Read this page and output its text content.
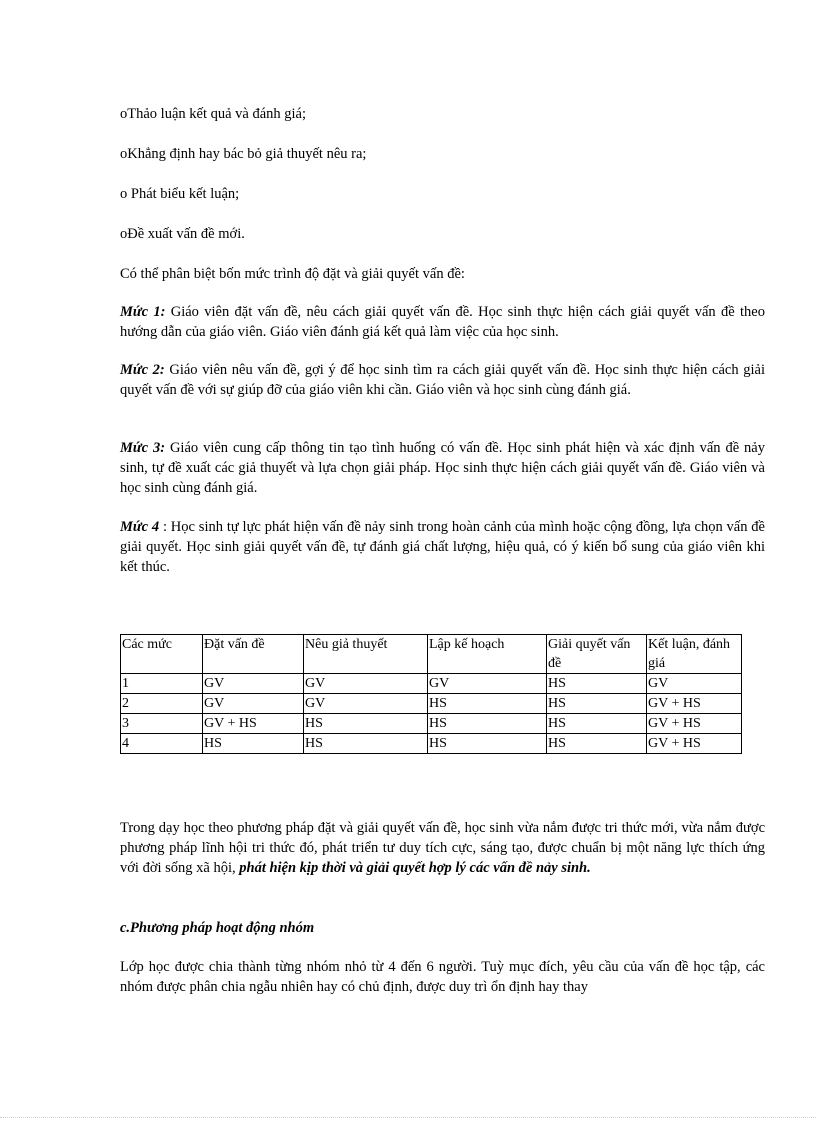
oThảo luận kết quả và đánh giá;

oKhẳng định hay bác bỏ giả thuyết nêu ra;

o Phát biểu kết luận;

oĐề xuất vấn đề mới.

Có thể phân biệt bốn mức trình độ đặt và giải quyết vấn đề:

Mức 1: Giáo viên đặt vấn đề, nêu cách giải quyết vấn đề. Học sinh thực hiện cách giải quyết vấn đề theo hướng dẫn của giáo viên. Giáo viên đánh giá kết quả làm việc của học sinh.

Mức 2: Giáo viên nêu vấn đề, gợi ý để học sinh tìm ra cách giải quyết vấn đề. Học sinh thực hiện cách giải quyết vấn đề với sự giúp đỡ của giáo viên khi cần. Giáo viên và học sinh cùng đánh giá.

Mức 3: Giáo viên cung cấp thông tin tạo tình huống có vấn đề. Học sinh phát hiện và xác định vấn đề nảy sinh, tự đề xuất các giả thuyết và lựa chọn giải pháp. Học sinh thực hiện cách giải quyết vấn đề. Giáo viên và học sinh cùng đánh giá.

Mức 4 : Học sinh tự lực phát hiện vấn đề nảy sinh trong hoàn cảnh của mình hoặc cộng đồng, lựa chọn vấn đề giải quyết. Học sinh giải quyết vấn đề, tự đánh giá chất lượng, hiệu quả, có ý kiến bổ sung của giáo viên khi kết thúc.

Các mức	Đặt vấn đề	Nêu giả thuyết	Lập kế hoạch	Giải quyết vấn đề	Kết luận, đánh giá
1	GV	GV	GV	HS	GV
2	GV	GV	HS	HS	GV + HS
3	GV + HS	HS	HS	HS	GV + HS
4	HS	HS	HS	HS	GV + HS

Trong dạy học theo phương pháp đặt và giải quyết vấn đề, học sinh vừa nắm được tri thức mới, vừa nắm được phương pháp lĩnh hội tri thức đó, phát triển tư duy tích cực, sáng tạo, được chuẩn bị một năng lực thích ứng với đời sống xã hội, phát hiện kịp thời và giải quyết hợp lý các vấn đề nảy sinh.

c.Phương pháp hoạt động nhóm

Lớp học được chia thành từng nhóm nhỏ từ 4 đến 6 người. Tuỳ mục đích, yêu cầu của vấn đề học tập, các nhóm được phân chia ngẫu nhiên hay có chủ định, được duy trì ổn định hay thay
